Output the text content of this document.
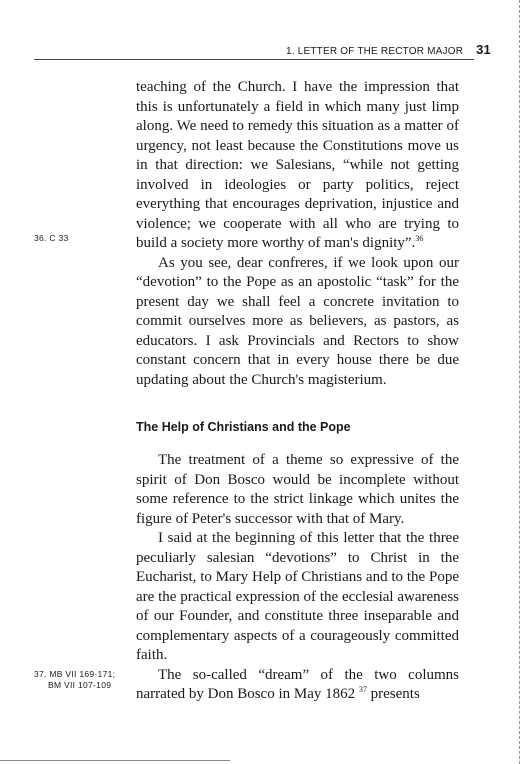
1. LETTER OF THE RECTOR MAJOR 31
36. C 33

teaching of the Church. I have the impression that this is unfortunately a field in which many just limp along. We need to remedy this situation as a matter of urgency, not least because the Constitutions move us in that direction: we Salesians, “while not getting involved in ideologies or party politics, reject everything that encourages deprivation, injustice and violence; we cooperate with all who are trying to build a society more worthy of man's dignity”.$^{36}$

As you see, dear confreres, if we look upon our “devotion” to the Pope as an apostolic “task” for the present day we shall feel a concrete invitation to commit ourselves more as believers, as pastors, as educators. I ask Provincials and Rectors to show constant concern that in every house there be due updating about the Church's magisterium.

The Help of Christians and the Pope

The treatment of a theme so expressive of the spirit of Don Bosco would be incomplete without some reference to the strict linkage which unites the figure of Peter's successor with that of Mary.

I said at the beginning of this letter that the three peculiarly salesian “devotions” to Christ in the Eucharist, to Mary Help of Christians and to the Pope are the practical expression of the ecclesial awareness of our Founder, and constitute three inseparable and complementary aspects of a courageously committed faith.

The so-called “dream” of the two columns narrated by Don Bosco in May 1862 $^{37}$ presents

37. MB VII 169-171;
BM VII 107-109
